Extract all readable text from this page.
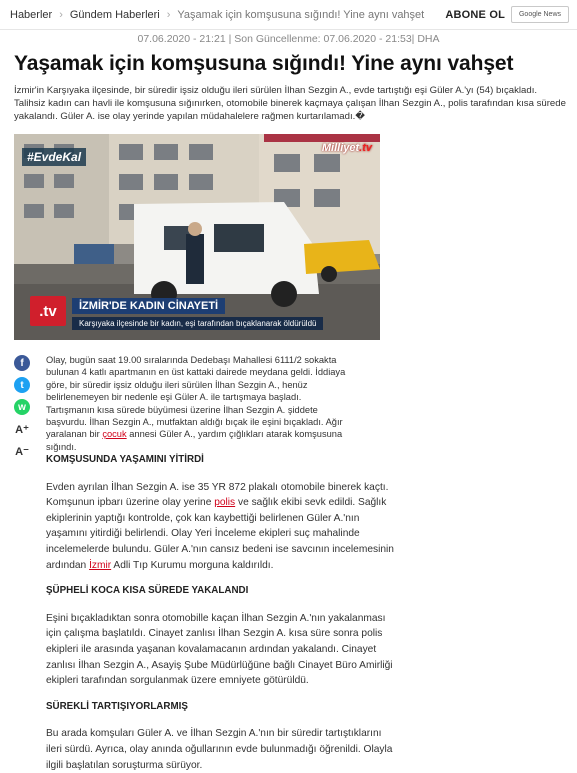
Haberler › Gündem Haberleri › Yaşamak için komşusuna sığındı! Yine aynı vahşet ABONE OL	Google News
07.06.2020 - 21:21 | Son Güncellenme: 07.06.2020 - 21:53| DHA
Yaşamak için komşusuna sığındı! Yine aynı vahşet
İzmir'in Karşıyaka ilçesinde, bir süredir işsiz olduğu ileri sürülen İlhan Sezgin A., evde tartıştığı eşi Güler A.'yı (54) bıçakladı. Talihsiz kadın can havli ile komşusuna sığınırken, otomobile binerek kaçmaya çalışan İlhan Sezgin A., polis tarafından kısa sürede yakalandı. Güler A. ise olay yerinde yapılan müdahalelere rağmen kurtarılamadı.�
#EvdeKal
Milliyet.tv
.tv	İZMİR'DE KADIN CİNAYETİ
Karşıyaka ilçesinde bir kadın, eşi tarafından bıçaklanarak öldürüldü
f
t
w
A⁺
A⁻
Olay, bugün saat 19.00 sıralarında Dedebaşı Mahallesi 6111/2 sokakta bulunan 4 katlı apartmanın en üst kattaki dairede meydana geldi. İddiaya göre, bir süredir işsiz olduğu ileri sürülen İlhan Sezgin A., henüz belirlenemeyen bir nedenle eşi Güler A. ile tartışmaya başladı. Tartışmanın kısa sürede büyümesi üzerine İlhan Sezgin A. şiddete başvurdu. İlhan Sezgin A., mutfaktan aldığı bıçak ile eşini bıçakladı. Ağır yaralanan bir çocuk annesi Güler A., yardım çığlıkları atarak komşusuna sığındı.
KOMŞUSUNDA YAŞAMINI YİTİRDİ

Evden ayrılan İlhan Sezgin A. ise 35 YR 872 plakalı otomobile binerek kaçtı. Komşunun ipbarı üzerine olay yerine polis ve sağlık ekibi sevk edildi. Sağlık ekiplerinin yaptığı kontrolde, çok kan kaybettiği belirlenen Güler A.'nın yaşamını yitirdiği belirlendi. Olay Yeri İnceleme ekipleri suç mahalinde incelemelerde bulundu. Güler A.'nın cansız bedeni ise savcının incelemesinin ardından İzmir Adli Tıp Kurumu morguna kaldırıldı.

ŞÜPHELİ KOCA KISA SÜREDE YAKALANDI

Eşini bıçakladıktan sonra otomobille kaçan İlhan Sezgin A.'nın yakalanması için çalışma başlatıldı. Cinayet zanlısı İlhan Sezgin A. kısa süre sonra polis ekipleri ile arasında yaşanan kovalamacanın ardından yakalandı. Cinayet zanlısı İlhan Sezgin A., Asayiş Şube Müdürlüğüne bağlı Cinayet Büro Amirliği ekipleri tarafından sorgulanmak üzere emniyete götürüldü.

SÜREKLİ TARTIŞIYORLARMIŞ

Bu arada komşuları Güler A. ve İlhan Sezgin A.'nın bir süredir tartıştıklarını ileri sürdü. Ayrıca, olay anında oğullarının evde bulunmadığı öğrenildi. Olayla ilgili başlatılan soruşturma sürüyor.
